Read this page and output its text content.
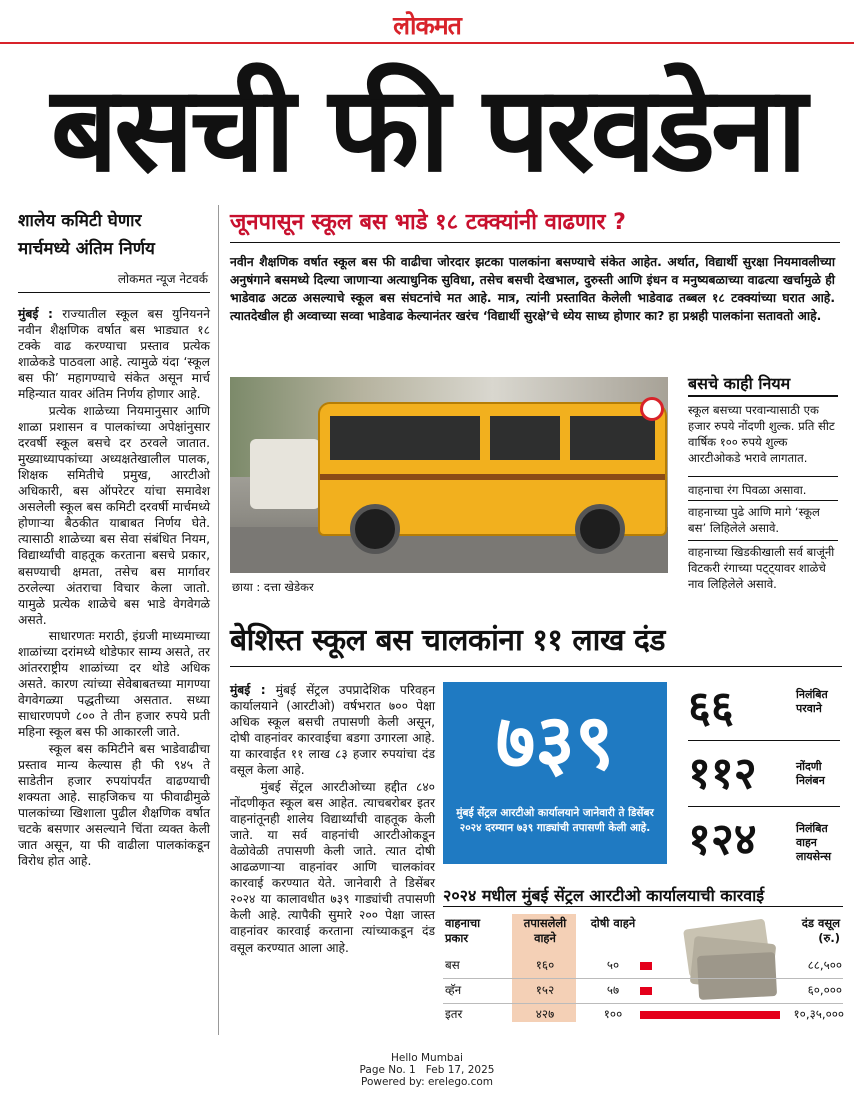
लोकमत
बसची फी परवडेना
शालेय कमिटी घेणार
मार्चमध्ये अंतिम निर्णय
लोकमत न्यूज नेटवर्क

मुंबई : राज्यातील स्कूल बस युनियनने नवीन शैक्षणिक वर्षात बस भाड्यात १८ टक्के वाढ करण्याचा प्रस्ताव प्रत्येक शाळेकडे पाठवला आहे. त्यामुळे यंदा ‘स्कूल बस फी’ महागण्याचे संकेत असून मार्च महिन्यात यावर अंतिम निर्णय होणार आहे.

प्रत्येक शाळेच्या नियमानुसार आणि शाळा प्रशासन व पालकांच्या अपेक्षांनुसार दरवर्षी स्कूल बसचे दर ठरवले जातात. मुख्याध्यापकांच्या अध्यक्षतेखालील पालक, शिक्षक समितीचे प्रमुख, आरटीओ अधिकारी, बस ऑपरेटर यांचा समावेश असलेली स्कूल बस कमिटी दरवर्षी मार्चमध्ये होणाऱ्या बैठकीत याबाबत निर्णय घेते. त्यासाठी शाळेच्या बस सेवा संबंधित नियम, विद्यार्थ्यांची वाहतूक करताना बसचे प्रकार, बसण्याची क्षमता, तसेच बस मार्गावर ठरलेल्या अंतराचा विचार केला जातो. यामुळे प्रत्येक शाळेचे बस भाडे वेगवेगळे असते.

साधारणतः मराठी, इंग्रजी माध्यमाच्या शाळांच्या दरांमध्ये थोडेफार साम्य असते, तर आंतरराष्ट्रीय शाळांच्या दर थोडे अधिक असते. कारण त्यांच्या सेवेबाबतच्या मागण्या वेगवेगळ्या पद्धतीच्या असतात. सध्या साधारणपणे ८०० ते तीन हजार रुपये प्रती महिना स्कूल बस फी आकारली जाते.

स्कूल बस कमिटीने बस भाडेवाढीचा प्रस्ताव मान्य केल्यास ही फी ९४५ ते साडेतीन हजार रुपयांपर्यंत वाढण्याची शक्यता आहे. साहजिकच या फीवाढीमुळे पालकांच्या खिशाला पुढील शैक्षणिक वर्षात चटके बसणार असल्याने चिंता व्यक्त केली जात असून, या फी वाढीला पालकांकडून विरोध होत आहे.

जूनपासून स्कूल बस भाडे १८ टक्क्यांनी वाढणार ?
नवीन शैक्षणिक वर्षात स्कूल बस फी वाढीचा जोरदार झटका पालकांना बसण्याचे संकेत आहेत. अर्थात, विद्यार्थी सुरक्षा नियमावलीच्या अनुषंगाने बसमध्ये दिल्या जाणाऱ्या अत्याधुनिक सुविधा, तसेच बसची देखभाल, दुरुस्ती आणि इंधन व मनुष्यबळाच्या वाढत्या खर्चामुळे ही भाडेवाढ अटळ असल्याचे स्कूल बस संघटनांचे मत आहे. मात्र, त्यांनी प्रस्तावित केलेली भाडेवाढ तब्बल १८ टक्क्यांच्या घरात आहे. त्यातदेखील ही अव्वाच्या सव्वा भाडेवाढ केल्यानंतर खरंच ‘विद्यार्थी सुरक्षे’चे ध्येय साध्य होणार का? हा प्रश्नही पालकांना सतावतो आहे.
छाया : दत्ता खेडेकर
बसचे काही नियम
स्कूल बसच्या परवान्यासाठी एक हजार रुपये नोंदणी शुल्क. प्रति सीट वार्षिक १०० रुपये शुल्क आरटीओकडे भरावे लागतात.
वाहनाचा रंग पिवळा असावा.
वाहनाच्या पुढे आणि मागे ‘स्कूल बस’ लिहिलेले असावे.
वाहनाच्या खिडकीखाली सर्व बाजूंनी विटकरी रंगाच्या पट्ट्यावर शाळेचे नाव लिहिलेले असावे.
बेशिस्त स्कूल बस चालकांना ११ लाख दंड

मुंबई : मुंबई सेंट्रल उपप्रादेशिक परिवहन कार्यालयाने (आरटीओ) वर्षभरात ७०० पेक्षा अधिक स्कूल बसची तपासणी केली असून, दोषी वाहनांवर कारवाईचा बडगा उगारला आहे. या कारवाईत ११ लाख ८३ हजार रुपयांचा दंड वसूल केला आहे.

मुंबई सेंट्रल आरटीओच्या हद्दीत ८४० नोंदणीकृत स्कूल बस आहेत. त्याचबरोबर इतर वाहनांतूनही शालेय विद्यार्थ्यांची वाहतूक केली जाते. या सर्व वाहनांची आरटीओकडून वेळोवेळी तपासणी केली जाते. त्यात दोषी आढळणाऱ्या वाहनांवर आणि चालकांवर कारवाई करण्यात येते. जानेवारी ते डिसेंबर २०२४ या कालावधीत ७३९ गाड्यांची तपासणी केली आहे. त्यापैकी सुमारे २०० पेक्षा जास्त वाहनांवर कारवाई करताना त्यांच्याकडून दंड वसूल करण्यात आला आहे.

७३९
मुंबई सेंट्रल आरटीओ कार्यालयाने जानेवारी ते डिसेंबर २०२४ दरम्यान ७३९ गाड्यांची तपासणी केली आहे.
६६	निलंबित परवाने
११२	नोंदणी निलंबन
१२४	निलंबित वाहन लायसेन्स
२०२४ मधील मुंबई सेंट्रल आरटीओ कार्यालयाची कारवाई
वाहनाचा प्रकार
तपासलेली वाहने
दोषी वाहने	दंड वसूल (रु.)
बस	१६०	५०	८८,५००
व्हॅन	१५२	५७	६०,०००
इतर	४२७	१००	१०,३५,०००
Hello Mumbai
Page No. 1 Feb 17, 2025
Powered by: erelego.com
